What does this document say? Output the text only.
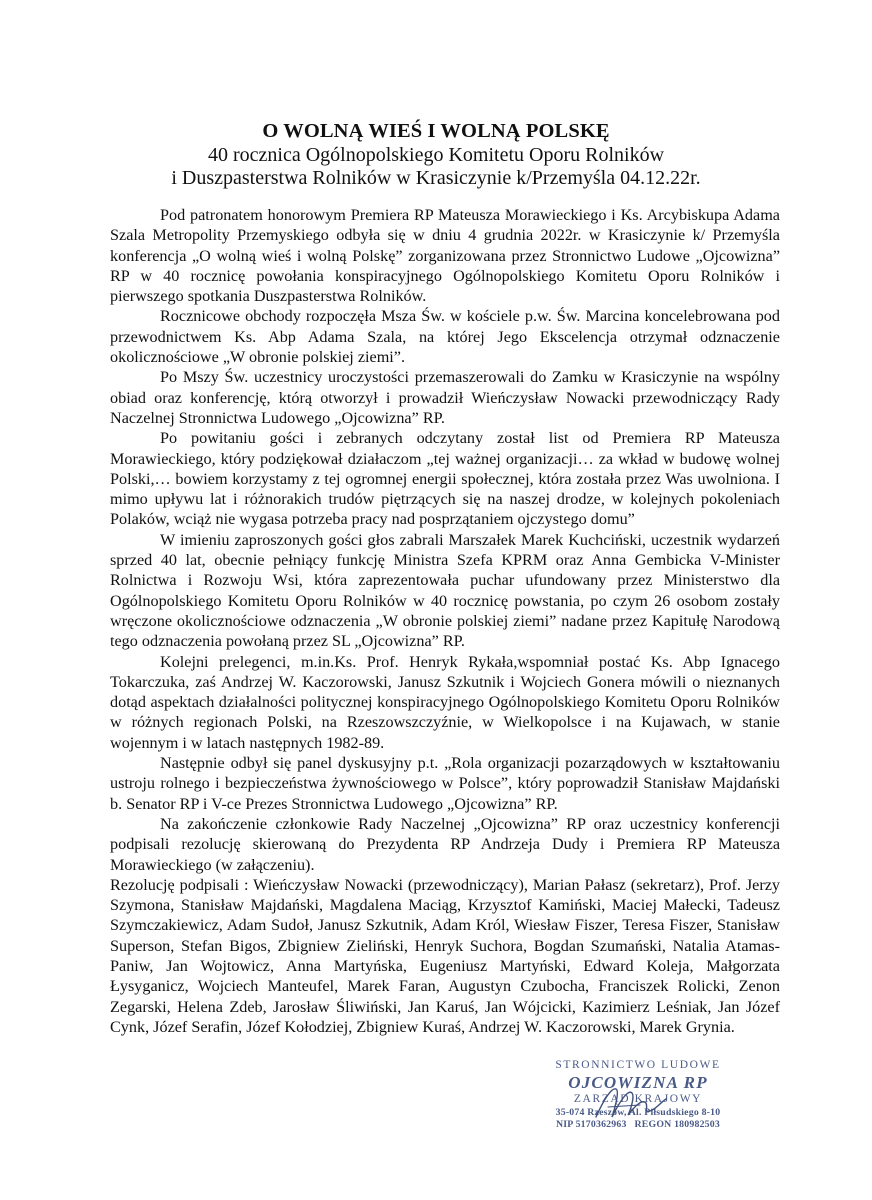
O WOLNĄ WIEŚ I WOLNĄ POLSKĘ

40 rocznica Ogólnopolskiego Komitetu Oporu Rolników

i Duszpasterstwa Rolników w Krasiczynie k/Przemyśla 04.12.22r.

Pod patronatem honorowym Premiera RP Mateusza Morawieckiego i Ks. Arcybiskupa Adama Szala Metropolity Przemyskiego odbyła się w dniu 4 grudnia 2022r. w Krasiczynie k/ Przemyśla konferencja „O wolną wieś i wolną Polskę” zorganizowana przez Stronnictwo Ludowe „Ojcowizna” RP w 40 rocznicę powołania konspiracyjnego Ogólnopolskiego Komitetu Oporu Rolników i pierwszego spotkania Duszpasterstwa Rolników.

Rocznicowe obchody rozpoczęła Msza Św. w kościele p.w. Św. Marcina koncelebrowana pod przewodnictwem Ks. Abp Adama Szala, na której Jego Ekscelencja otrzymał odznaczenie okolicznościowe „W obronie polskiej ziemi”.

Po Mszy Św. uczestnicy uroczystości przemaszerowali do Zamku w Krasiczynie na wspólny obiad oraz konferencję, którą otworzył i prowadził Wieńczysław Nowacki przewodniczący Rady Naczelnej Stronnictwa Ludowego „Ojcowizna” RP.

Po powitaniu gości i zebranych odczytany został list od Premiera RP Mateusza Morawieckiego, który podziękował działaczom „tej ważnej organizacji… za wkład w budowę wolnej Polski,… bowiem korzystamy z tej ogromnej energii społecznej, która została przez Was uwolniona. I mimo upływu lat i różnorakich trudów piętrzących się na naszej drodze, w kolejnych pokoleniach Polaków, wciąż nie wygasa potrzeba pracy nad posprzątaniem ojczystego domu”

W imieniu zaproszonych gości głos zabrali Marszałek Marek Kuchciński, uczestnik wydarzeń sprzed 40 lat, obecnie pełniący funkcję Ministra Szefa KPRM oraz Anna Gembicka V-Minister Rolnictwa i Rozwoju Wsi, która zaprezentowała puchar ufundowany przez Ministerstwo dla Ogólnopolskiego Komitetu Oporu Rolników w 40 rocznicę powstania, po czym 26 osobom zostały wręczone okolicznościowe odznaczenia „W obronie polskiej ziemi” nadane przez Kapitułę Narodową tego odznaczenia powołaną przez SL „Ojcowizna” RP.

Kolejni prelegenci, m.in.Ks. Prof. Henryk Rykała,wspomniał postać Ks. Abp Ignacego Tokarczuka, zaś Andrzej W. Kaczorowski, Janusz Szkutnik i Wojciech Gonera mówili o nieznanych dotąd aspektach działalności politycznej konspiracyjnego Ogólnopolskiego Komitetu Oporu Rolników w różnych regionach Polski, na Rzeszowszczyźnie, w Wielkopolsce i na Kujawach, w stanie wojennym i w latach następnych 1982-89.

Następnie odbył się panel dyskusyjny p.t. „Rola organizacji pozarządowych w kształtowaniu ustroju rolnego i bezpieczeństwa żywnościowego w Polsce”, który poprowadził Stanisław Majdański b. Senator RP i V-ce Prezes Stronnictwa Ludowego „Ojcowizna” RP.

Na zakończenie członkowie Rady Naczelnej „Ojcowizna” RP oraz uczestnicy konferencji podpisali rezolucję skierowaną do Prezydenta RP Andrzeja Dudy i Premiera RP Mateusza Morawieckiego (w załączeniu).

Rezolucję podpisali : Wieńczysław Nowacki (przewodniczący), Marian Pałasz (sekretarz), Prof. Jerzy Szymona, Stanisław Majdański, Magdalena Maciąg, Krzysztof Kamiński, Maciej Małecki, Tadeusz Szymczakiewicz, Adam Sudoł, Janusz Szkutnik, Adam Król, Wiesław Fiszer, Teresa Fiszer, Stanisław Superson, Stefan Bigos, Zbigniew Zieliński, Henryk Suchora, Bogdan Szumański, Natalia Atamas-Paniw, Jan Wojtowicz, Anna Martyńska, Eugeniusz Martyński, Edward Koleja, Małgorzata Łysyganicz, Wojciech Manteufel, Marek Faran, Augustyn Czubocha, Franciszek Rolicki, Zenon Zegarski, Helena Zdeb, Jarosław Śliwiński, Jan Karuś, Jan Wójcicki, Kazimierz Leśniak, Jan Józef Cynk, Józef Serafin, Józef Kołodziej, Zbigniew Kuraś, Andrzej W. Kaczorowski, Marek Grynia.

STRONNICTWO LUDOWE
OJCOWIZNA RP
ZARZĄD KRAJOWY
35-074 Rzeszów, Al. Piłsudskiego 8-10
NIP 5170362963   REGON 180982503
